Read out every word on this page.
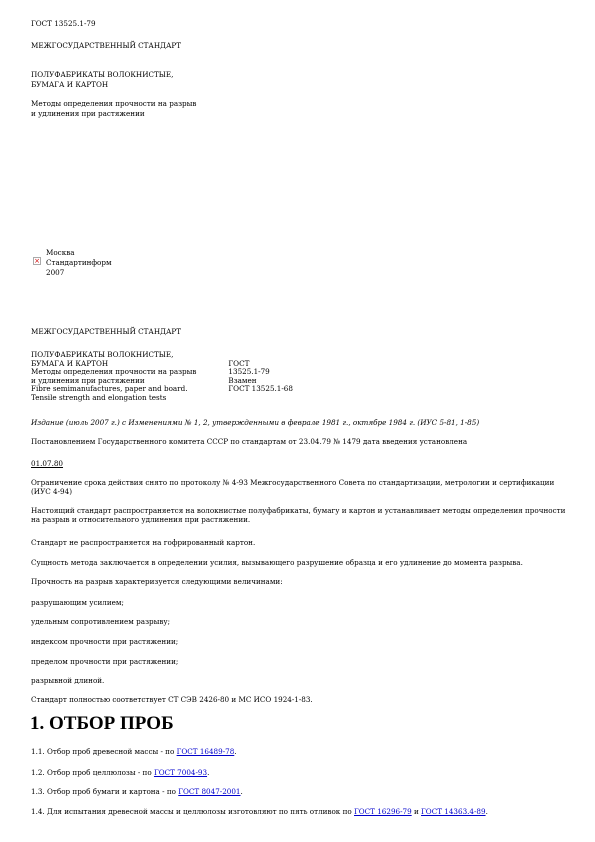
ГОСТ 13525.1-79
МЕЖГОСУДАРСТВЕННЫЙ СТАНДАРТ
ПОЛУФАБРИКАТЫ ВОЛОКНИСТЫЕ,
БУМАГА И КАРТОН
Методы определения прочности на разрыв
и удлинения при растяжении
×
Москва
Стандартинформ
2007
МЕЖГОСУДАРСТВЕННЫЙ СТАНДАРТ
ПОЛУФАБРИКАТЫ ВОЛОКНИСТЫЕ,	
БУМАГА И КАРТОН	ГОСТ
Методы определения прочности на разрыв	13525.1-79
и удлинения при растяжении	Взамен
Fibre semimanufactures, paper and board.	ГОСТ 13525.1-68
Tensile strength and elongation tests	
Издание (июль 2007 г.) с Изменениями № 1, 2, утвержденными в феврале 1981 г., октябре 1984 г. (ИУС 5-81, 1-85)
Постановлением Государственного комитета СССР по стандартам от 23.04.79 № 1479 дата введения установлена
01.07.80
Ограничение срока действия снято по протоколу № 4-93 Межгосударственного Совета по стандартизации, метрологии и сертификации (ИУС 4-94)
Настоящий стандарт распространяется на волокнистые полуфабрикаты, бумагу и картон и устанавливает методы определения прочности на разрыв и относительного удлинения при растяжении.
Стандарт не распространяется на гофрированный картон.
Сущность метода заключается в определении усилия, вызывающего разрушение образца и его удлинение до момента разрыва.
Прочность на разрыв характеризуется следующими величинами:
разрушающим усилием;
удельным сопротивлением разрыву;
индексом прочности при растяжении;
пределом прочности при растяжении;
разрывной длиной.
Стандарт полностью соответствует СТ СЭВ 2426-80 и МС ИСО 1924-1-83.
1. ОТБОР ПРОБ
1.1. Отбор проб древесной массы - по ГОСТ 16489-78.
1.2. Отбор проб целлюлозы - по ГОСТ 7004-93.
1.3. Отбор проб бумаги и картона - по ГОСТ 8047-2001.
1.4. Для испытания древесной массы и целлюлозы изготовляют по пять отливок по ГОСТ 16296-79 и ГОСТ 14363.4-89.
